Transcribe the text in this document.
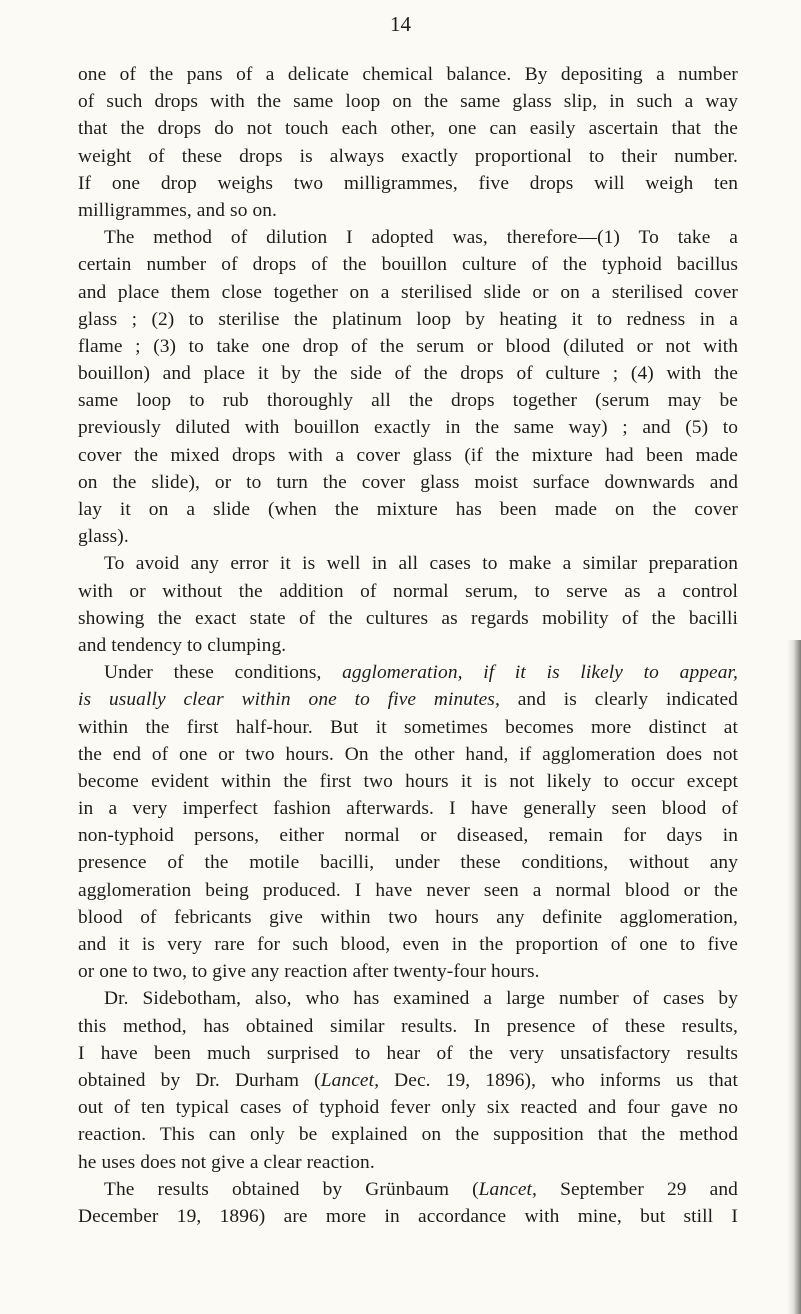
14
one of the pans of a delicate chemical balance. By depositing a number
of such drops with the same loop on the same glass slip, in such a way
that the drops do not touch each other, one can easily ascertain that the
weight of these drops is always exactly proportional to their number.
If one drop weighs two milligrammes, five drops will weigh ten
milligrammes, and so on.
The method of dilution I adopted was, therefore—(1) To take a
certain number of drops of the bouillon culture of the typhoid bacillus
and place them close together on a sterilised slide or on a sterilised cover
glass ; (2) to sterilise the platinum loop by heating it to redness in a
flame ; (3) to take one drop of the serum or blood (diluted or not with
bouillon) and place it by the side of the drops of culture ; (4) with the
same loop to rub thoroughly all the drops together (serum may be
previously diluted with bouillon exactly in the same way) ; and (5) to
cover the mixed drops with a cover glass (if the mixture had been made
on the slide), or to turn the cover glass moist surface downwards and
lay it on a slide (when the mixture has been made on the cover
glass).
To avoid any error it is well in all cases to make a similar preparation
with or without the addition of normal serum, to serve as a control
showing the exact state of the cultures as regards mobility of the bacilli
and tendency to clumping.
Under these conditions, agglomeration, if it is likely to appear,
is usually clear within one to five minutes, and is clearly indicated
within the first half-hour. But it sometimes becomes more distinct at
the end of one or two hours. On the other hand, if agglomeration does not
become evident within the first two hours it is not likely to occur except
in a very imperfect fashion afterwards. I have generally seen blood of
non-typhoid persons, either normal or diseased, remain for days in
presence of the motile bacilli, under these conditions, without any
agglomeration being produced. I have never seen a normal blood or the
blood of febricants give within two hours any definite agglomeration,
and it is very rare for such blood, even in the proportion of one to five
or one to two, to give any reaction after twenty-four hours.
Dr. Sidebotham, also, who has examined a large number of cases by
this method, has obtained similar results. In presence of these results,
I have been much surprised to hear of the very unsatisfactory results
obtained by Dr. Durham (Lancet, Dec. 19, 1896), who informs us that
out of ten typical cases of typhoid fever only six reacted and four gave no
reaction. This can only be explained on the supposition that the method
he uses does not give a clear reaction.
The results obtained by Grünbaum (Lancet, September 29 and
December 19, 1896) are more in accordance with mine, but still I
